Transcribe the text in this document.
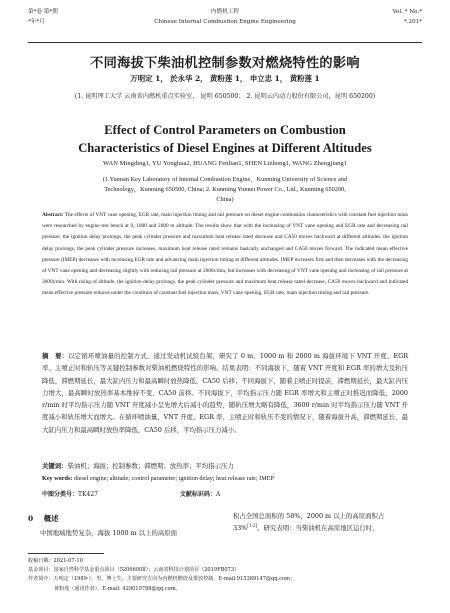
第*卷 第*期
*年*月
内燃机工程
Chinese Internal Combustion Engine Engineering
Vol. * No.*
*.201*
不同海拔下柴油机控制参数对燃烧特性的影响
万明定 1， 於永华 2， 黄粉莲 1， 申立忠 1， 黄粉莲 1
(1. 昆明理工大学 云南省内燃机重点实验室， 昆明 650500； 2. 昆明云内动力股份有限公司，昆明 650200)
Effect of Control Parameters on Combustion
Characteristics of Diesel Engines at Different Altitudes
WAN Mingding1, YU Yonghua2, HUANG Fenlian1, SHEN Lizhong1, WANG Zhengjiang1
(1.Yunnan Key Laboratory of Internal Combustion Engine，Kunming University of Science and
Technology，Kunming 650500, China; 2. Kunming Yunnei Power Co., Ltd., Kunming 650200,
China)
Abstract: The effects of VNT vane opening, EGR rate, main injection timing and rail pressure on diesel engine combustion characteristics with constant fuel injection mass were researched by engine test bench at 0, 1000 and 2000 m altitude. The results show that with the increasing of VNT vane opening and EGR rate and decreasing rail pressure, the ignition delay prolongs, the peak cylinder pressure and maximum heat release rated decrease and CA50 moves backward at different altitudes. the ignition delay prolongs, the peak cylinder pressure increases, maximum heat release rated remains basically unchanged and CA50 moves forward. The indicated mean effective pressure (IMEP) decreases with increasing EGR rate and advancing main injection timing at different altitudes. IMEP increases first and then decreases with the decreasing of VNT vane opening and decreasing slightly with reducing rail pressure at 2000r/min, but increases with decreasing of VNT vane opening and increasing of rail pressure at 3600r/min. With rising of altitude, the ignition delay prolongs, the peak cylinder pressure and maximum heat release rated decrease, CA50 moves backward and indicated mean effective pressure reduces under the condition of constant fuel injection mass, VNT vane opening, EGR rate, main injection timing and rail pressure.
摘　要：以定循环喷油量的控制方式，通过发动机试验台架，研究了 0 m、1000 m 和 2000 m 海拔环境下 VNT 开度、EGR 率、主喷正时和轨压等关键控制参数对柴油机燃烧特性的影响。结果表明：不同海拔下，随着 VNT 开度和 EGR 率的增大及轨压降低，滞燃期延长，最大缸内压力和最高瞬时放热降低，CA50 后移；不同海拔下，随着主喷正时提前，滞燃期延长，最大缸内压力增大，最高瞬时放热率基本维持不变，CA50 前移。不同海拔下，平均指示压力随 EGR 率增大和主喷正时推迟而降低，2000 r/min 时平均指示压力随 VNT 开度减小呈先增大后减小的趋势，随轨压增大略有降低，3600 r/min 时平均指示压力随 VNT 开度减小和轨压增大而增大。在循环喷油量、VNT 开度、EGR 率、主喷正时和轨压不变的情况下，随着海拔升高，滞燃期延长，最大缸内压力和最高瞬时放热率降低，CA50 后移，平均指示压力减小。
关键词：柴油机；海拔；控制参数；滞燃期；放热率；平均指示压力
Key words: diesel engine; altitude; control parameter; ignition delay; heat release rate; IMEP
中图分类号：TK427	文献标识码：A
0 概述
中国地域地势复杂，海拔 1000 m 以上的高原面
积占全国总面积的 58%，2000 m 以上的高原面积占
33%[1-2]。研究表明：当柴油机在高原地区运行时，
收稿日期：2021-07-10
基金项目：国家自然科学基金重点项目（52066008）；云南省科技计划项目（2019FB073）
作者简介：万明定（1989-），男，博士生，主要研究方向为内燃机燃烧及排放控制，E-mail:915389147@qq.com；
黄粉莲（通讯作者），E-mail: 429019788@qq.com。
